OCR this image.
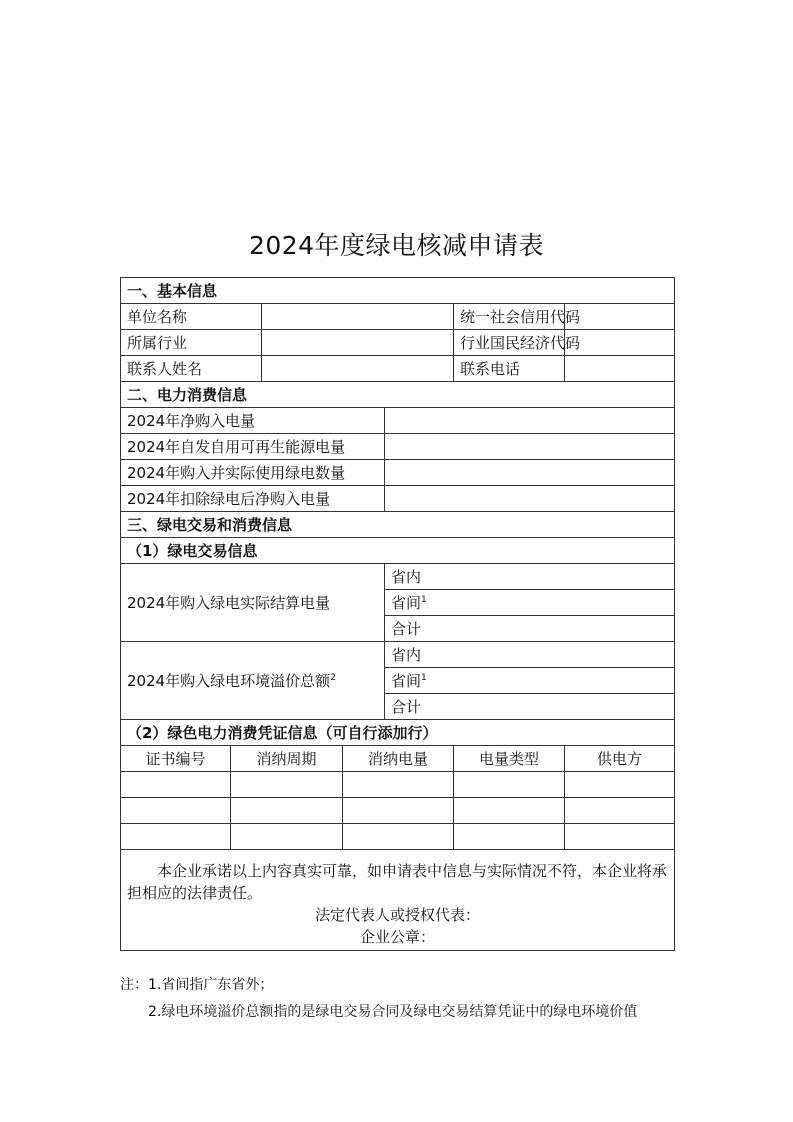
2024年度绿电核减申请表
一、基本信息						
单位名称					统一社会信用代码	
所属行业					行业国民经济代码	
联系人姓名					联系电话	
二、电力消费信息						
2024年净购入电量						
2024年自发自用可再生能源电量						
2024年购入并实际使用绿电数量						
2024年扣除绿电后净购入电量						
三、绿电交易和消费信息						
（1）绿电交易信息						
2024年购入绿电实际结算电量				省内		
				省间$^1$
				合计		
2024年购入绿电环境溢价总额$^2$				省内		
				省间$^1$
				合计		
（2）绿色电力消费凭证信息（可自行添加行）						
证书编号	消纳周期		消纳电量		电量类型	供电方

本企业承诺以上内容真实可靠，如申请表中信息与实际情况不符，本企业将承担相应的法律责任。
法定代表人或授权代表：
企业公章：						
注：1.省间指广东省外；
2.绿电环境溢价总额指的是绿电交易合同及绿电交易结算凭证中的绿电环境价值
